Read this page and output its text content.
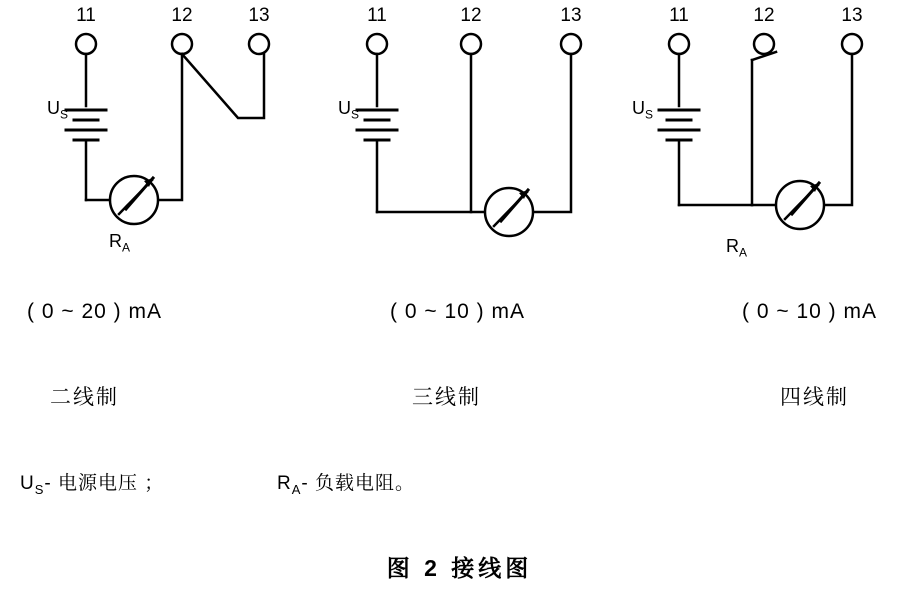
11	12	13
$U_S$
$R_A$
( 0 ~ 20 ) mA
二线制
11	12	13
$U_S$
( 0 ~ 10 ) mA
三线制
11	12	13
$U_S$
$R_A$
( 0 ~ 10 ) mA
四线制
$U_S-$ 电源电压 ；	$R_A-$ 负载电阻。
图 2 接线图
